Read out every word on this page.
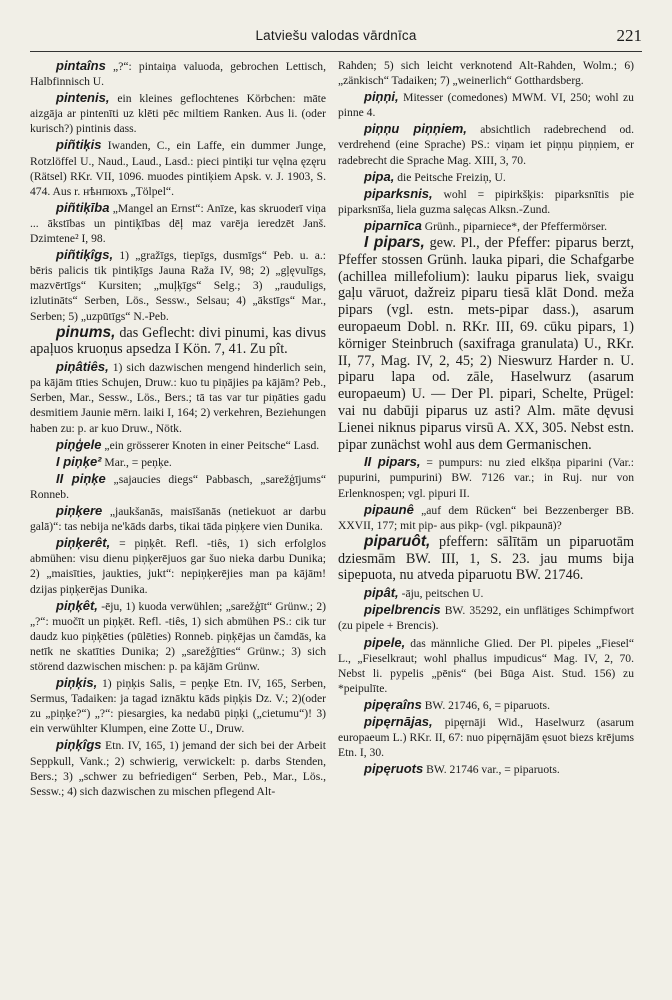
Latviešu valodas vārdnīca	221

pintaîns „?“: pintaiņa valuoda, gebrochen Lettisch, Halbfinnisch U.

pintenis, ein kleines geflochtenes Körbchen: māte aizgāja ar pintenīti uz klēti pēc miltiem Ranken. Aus li. (oder kurisch?) pintinis dass.

piñtiķis Iwanden, C., ein Laffe, ein dummer Junge, Rotzlöffel U., Naud., Laud., Lasd.: pieci pintiķi tur vęlna ęzęru (Rätsel) RKr. VII, 1096. muodes pintiķiem Apsk. v. J. 1903, S. 474. Aus r. нѣнпюхъ „Tölpel“.

piñtiķība „Mangel an Ernst“: Anīze, kas skruoderī viņa ... ākstības un pintiķības dēļ maz varēja ieredzēt Janš. Dzimtene² I, 98.

piñtiķîgs, 1) „gražīgs, tiepīgs, dusmīgs“ Peb. u. a.: bēris palicis tik pintiķīgs Jauna Raža IV, 98; 2) „gļęvulīgs, mazvērtīgs“ Kursiten; „muļķīgs“ Selg.; 3) „rauduligs, izlutināts“ Serben, Lös., Sessw., Selsau; 4) „ākstīgs“ Mar., Serben; 5) „uzpūtīgs“ N.-Peb.

pinums, das Geflecht: divi pinumi, kas divus apaļuos kruoņus apsedza I Kön. 7, 41. Zu pît.

piņâtiês, 1) sich dazwischen mengend hinderlich sein, pa kājām tīties Schujen, Druw.: kuo tu piņājies pa kājām? Peb., Serben, Mar., Sessw., Lös., Bers.; tā tas var tur piņāties gadu desmitiem Jaunie mērn. laiki I, 164; 2) verkehren, Beziehungen haben zu: p. ar kuo Druw., Nötk.

piņģele „ein grösserer Knoten in einer Peitsche“ Lasd.

I piņķe² Mar., = peņķe.

II piņķe „sajaucies diegs“ Pabbasch, „sarežģījums“ Ronneb.

piņķere „jaukšanās, maisīšanās (netiekuot ar darbu galā)“: tas nebija ne'kāds darbs, tikai tāda piņķere vien Dunika.

piņķerêt, = piņķêt. Refl. -tiês, 1) sich erfolglos abmühen: visu dienu piņķerējuos gar šuo nieka darbu Dunika; 2) „maisīties, jaukties, jukt“: nepiņķerējies man pa kājām! dzijas piņķerējas Dunika.

piņķêt, -ēju, 1) kuoda verwühlen; „sarežģīt“ Grünw.; 2) „?“: muočīt un piņķēt. Refl. -tiês, 1) sich abmühen PS.: cik tur daudz kuo piņķēties (pūlēties) Ronneb. piņķējas un čamdās, ka netīk ne skatīties Dunika; 2) „sarežģīties“ Grünw.; 3) sich störend dazwischen mischen: p. pa kājām Grünw.

piņķis, 1) piņķis Salis, = peņķe Etn. IV, 165, Serben, Sermus, Tadaiken: ja tagad iznāktu kāds piņķis Dz. V.; 2)(oder zu „piņķe?“) „?“: piesargies, ka nedabū piņķi („cietumu“)! 3) ein verwühlter Klumpen, eine Zotte U., Druw.

piņķîgs Etn. IV, 165, 1) jemand der sich bei der Arbeit Seppkull, Vank.; 2) schwierig, verwickelt: p. darbs Stenden, Bers.; 3) „schwer zu befriedigen“ Serben, Peb., Mar., Lös., Sessw.; 4) sich dazwischen zu mischen pflegend Alt-

Rahden; 5) sich leicht verknotend Alt-Rahden, Wolm.; 6) „zänkisch“ Tadaiken; 7) „weinerlich“ Gotthardsberg.

piņņi, Mitesser (comedones) MWM. VI, 250; wohl zu pinne 4.

piņņu piņņiem, absichtlich radebrechend od. verdrehend (eine Sprache) PS.: viņam iet piņņu piņņiem, er radebrecht die Sprache Mag. XIII, 3, 70.

pipa, die Peitsche Freiziņ, U.

piparksnis, wohl = pipirkšķis: piparksnītis pie piparksnīša, liela guzma salęcas Alksn.-Zund.

piparnīca Grünh., piparniece*, der Pfeffermörser.

I pipars, gew. Pl., der Pfeffer: piparus berzt, Pfeffer stossen Grünh. lauka pipari, die Schafgarbe (achillea millefolium): lauku piparus liek, svaigu gaļu vāruot, dažreiz piparu tiesā klāt Dond. meža pipars (vgl. estn. mets-pipar dass.), asarum europaeum Dobl. n. RKr. III, 69. cūku pipars, 1) körniger Steinbruch (saxifraga granulata) U., RKr. II, 77, Mag. IV, 2, 45; 2) Nieswurz Harder n. U. piparu lapa od. zāle, Haselwurz (asarum europaeum) U. — Der Pl. pipari, Schelte, Prügel: vai nu dabūji piparus uz asti? Alm. māte dęvusi Lienei niknus piparus virsū A. XX, 305. Nebst estn. pipar zunächst wohl aus dem Germanischen.

II pipars, = pumpurs: nu zied elkšņa piparini (Var.: pupurini, pumpurini) BW. 7126 var.; in Ruj. nur von Erlenknospen; vgl. pipuri II.

pipaunê „auf dem Rücken“ bei Bezzenberger BB. XXVII, 177; mit pip- aus pikp- (vgl. pikpaunā)?

piparuôt, pfeffern: sālītām un piparuotām dziesmām BW. III, 1, S. 23. jau mums bija sipepuota, nu atveda piparuotu BW. 21746.

pipât, -āju, peitschen U.

pipelbrencis BW. 35292, ein unflätiges Schimpfwort (zu pipele + Brencis).

pipele, das männliche Glied. Der Pl. pipeles „Fiesel“ L., „Fieselkraut; wohl phallus impudicus“ Mag. IV, 2, 70. Nebst li. pypelis „pēnis“ (bei Būga Aist. Stud. 156) zu *peipulīte.

pipęraîns BW. 21746, 6, = piparuots.

pipęrnājas, pipęrnāji Wid., Haselwurz (asarum europaeum L.) RKr. II, 67: nuo pipęrnājām ęsuot biezs krējums Etn. I, 30.

pipęruots BW. 21746 var., = piparuots.
